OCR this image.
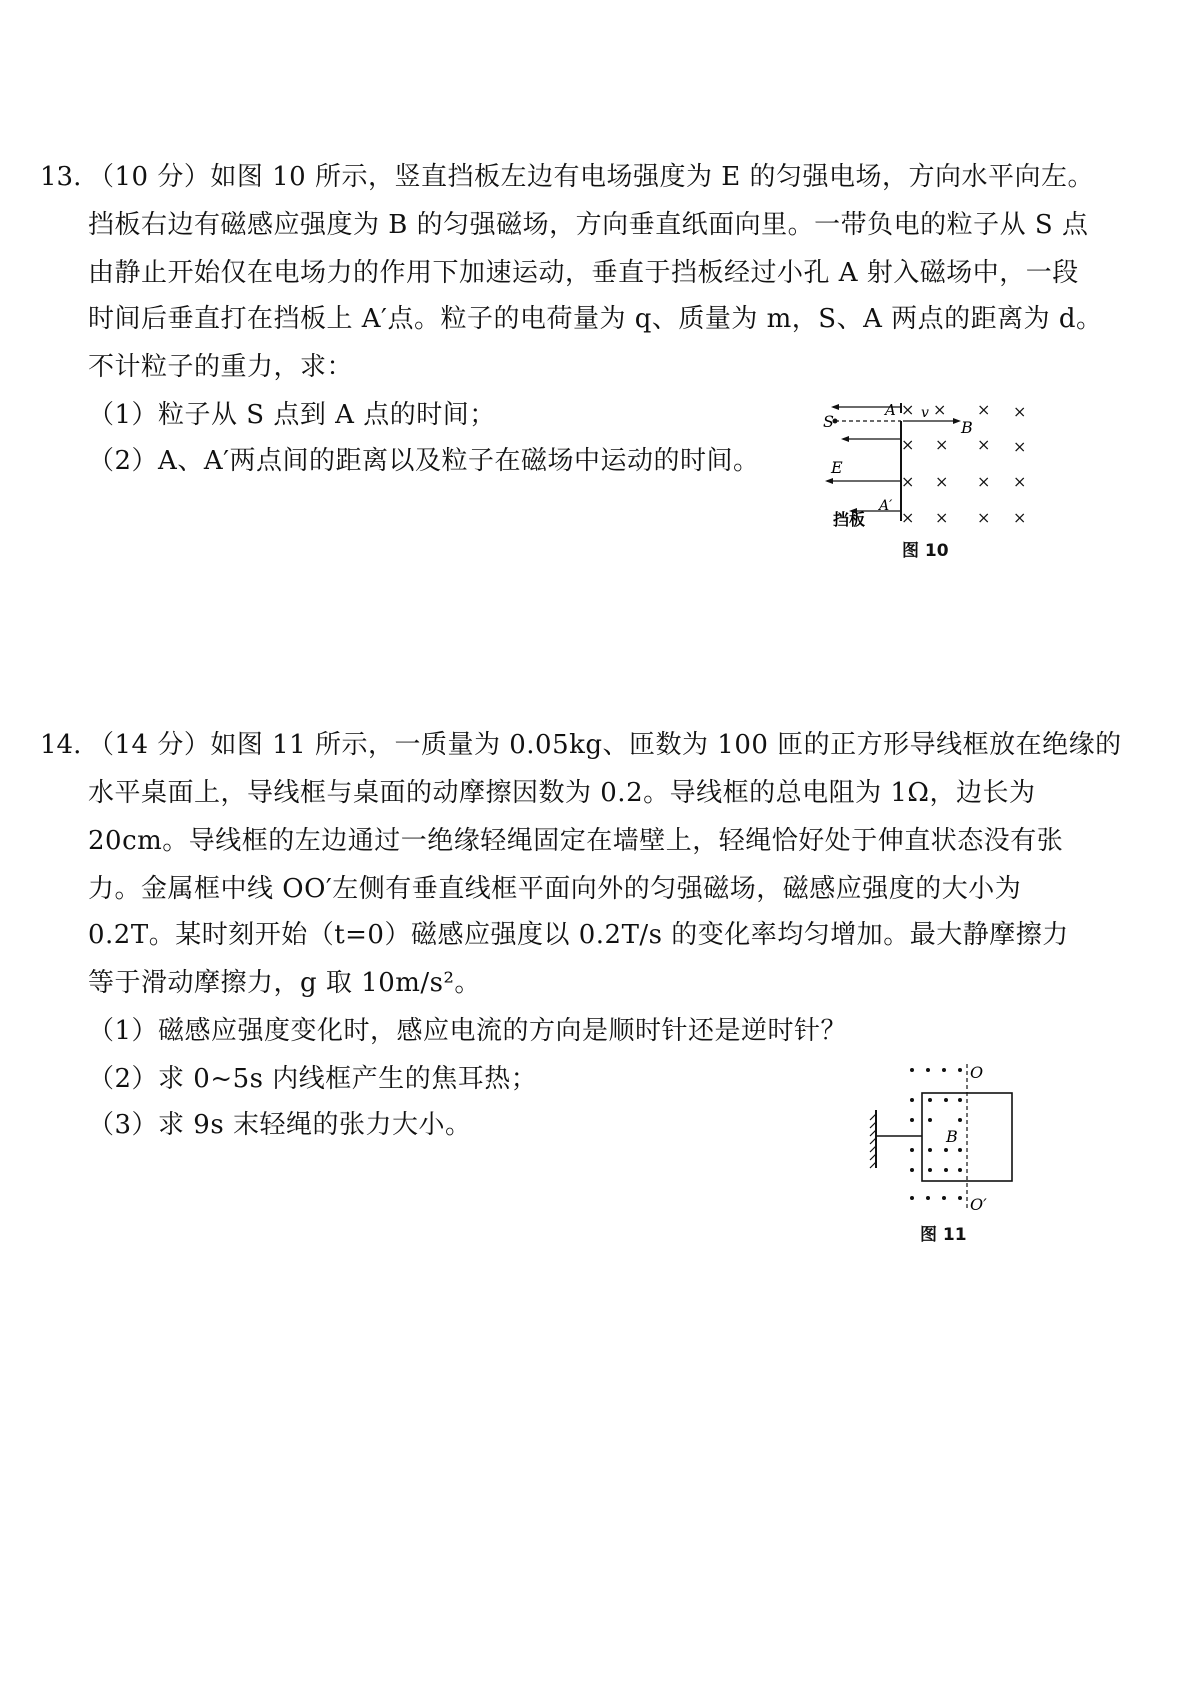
13. （10 分）如图 10 所示，竖直挡板左边有电场强度为 E 的匀强电场，方向水平向左。
挡板右边有磁感应强度为 B 的匀强磁场，方向垂直纸面向里。一带负电的粒子从 S 点
由静止开始仅在电场力的作用下加速运动，垂直于挡板经过小孔 A 射入磁场中，一段
时间后垂直打在挡板上 A′点。粒子的电荷量为 q、质量为 m，S、A 两点的距离为 d。
不计粒子的重力，求：
（1）粒子从 S 点到 A 点的时间；
（2）A、A′两点间的距离以及粒子在磁场中运动的时间。
× × × ×
× × × ×
× × × ×
× × × ×
S
A v
B
E
A′
挡板
图 10
14. （14 分）如图 11 所示，一质量为 0.05kg、匝数为 100 匝的正方形导线框放在绝缘的
水平桌面上，导线框与桌面的动摩擦因数为 0.2。导线框的总电阻为 1Ω，边长为
20cm。导线框的左边通过一绝缘轻绳固定在墙壁上，轻绳恰好处于伸直状态没有张
力。金属框中线 OO′左侧有垂直线框平面向外的匀强磁场，磁感应强度的大小为
0.2T。某时刻开始（t=0）磁感应强度以 0.2T/s 的变化率均匀增加。最大静摩擦力
等于滑动摩擦力，g 取 10m/s²。
（1）磁感应强度变化时，感应电流的方向是顺时针还是逆时针？
（2）求 0~5s 内线框产生的焦耳热；
（3）求 9s 末轻绳的张力大小。
O
O′
B
图 11
